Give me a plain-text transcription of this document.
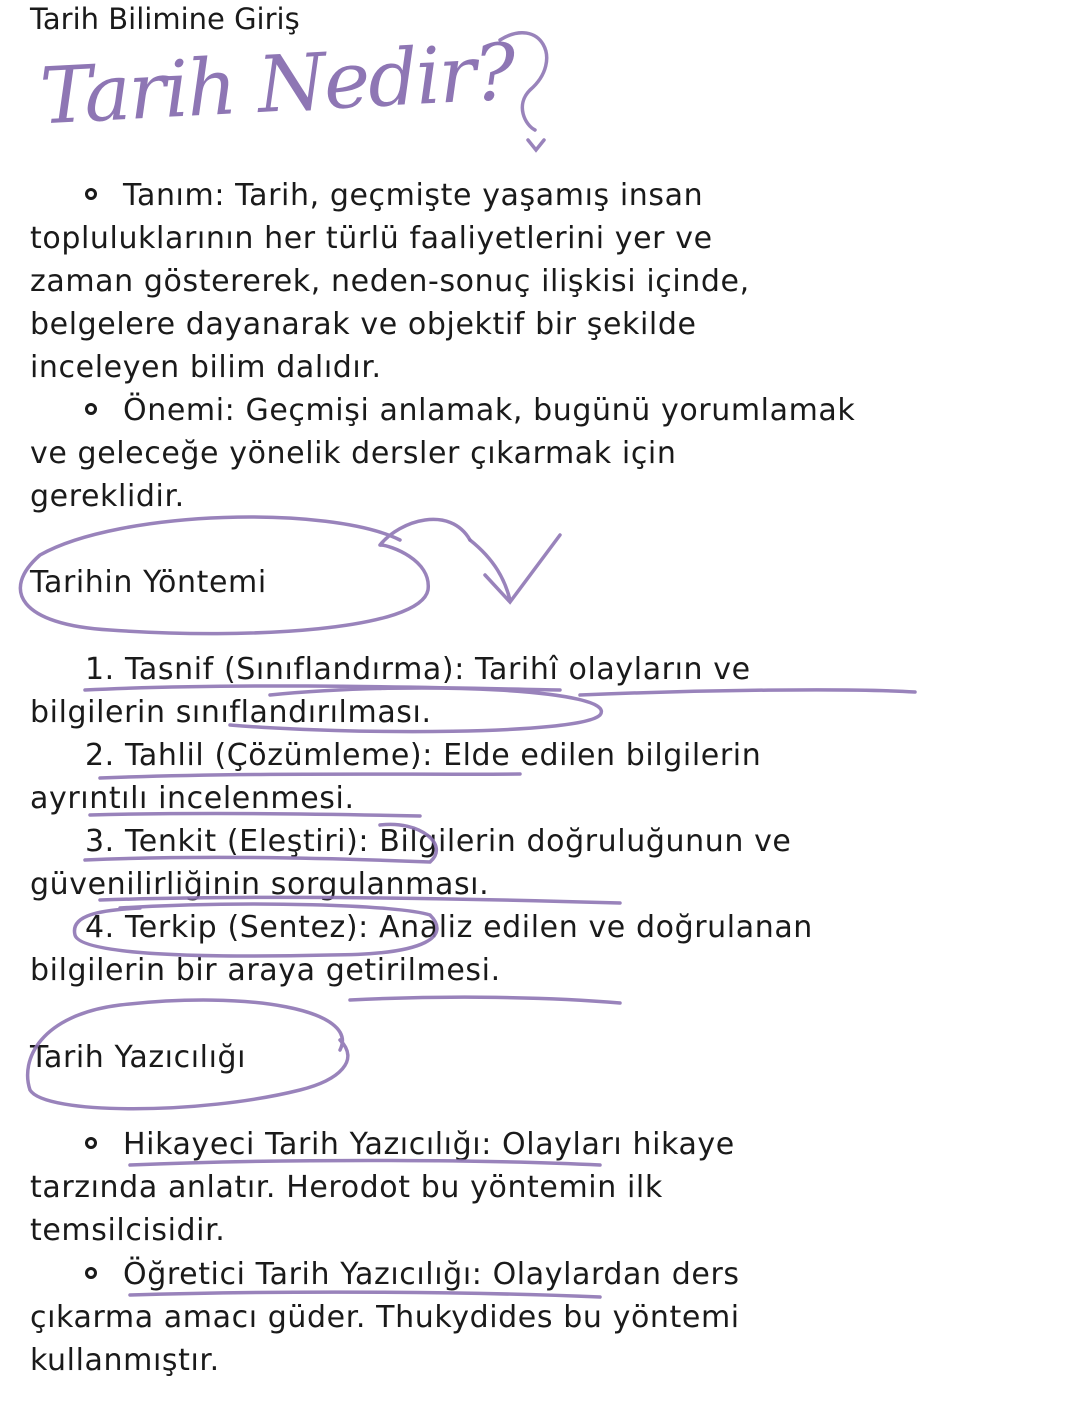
Tarih Bilimine Giriş
Tarih Nedir?
Tanım: Tarih, geçmişte yaşamış insan
topluluklarının her türlü faaliyetlerini yer ve
zaman göstererek, neden-sonuç ilişkisi içinde,
belgelere dayanarak ve objektif bir şekilde
inceleyen bilim dalıdır.
Önemi: Geçmişi anlamak, bugünü yorumlamak
ve geleceğe yönelik dersler çıkarmak için
gereklidir.
Tarihin Yöntemi
1. Tasnif (Sınıflandırma): Tarihî olayların ve
bilgilerin sınıflandırılması.
2. Tahlil (Çözümleme): Elde edilen bilgilerin
ayrıntılı incelenmesi.
3. Tenkit (Eleştiri): Bilgilerin doğruluğunun ve
güvenilirliğinin sorgulanması.
4. Terkip (Sentez): Analiz edilen ve doğrulanan
bilgilerin bir araya getirilmesi.
Tarih Yazıcılığı
Hikayeci Tarih Yazıcılığı: Olayları hikaye
tarzında anlatır. Herodot bu yöntemin ilk
temsilcisidir.
Öğretici Tarih Yazıcılığı: Olaylardan ders
çıkarma amacı güder. Thukydides bu yöntemi
kullanmıştır.
